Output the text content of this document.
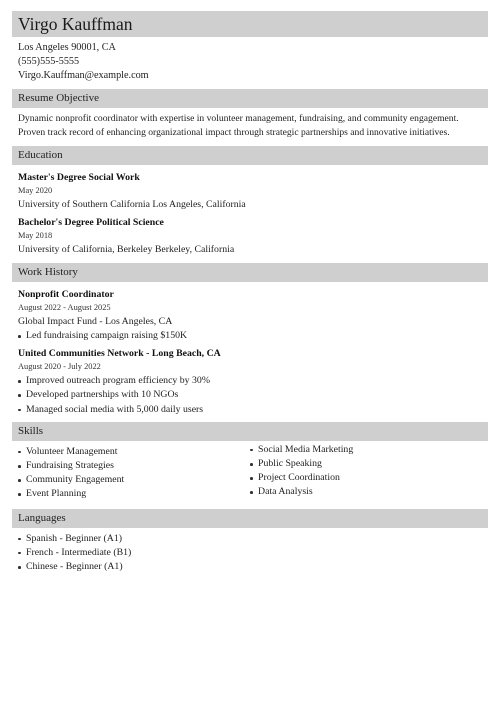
Virgo Kauffman
Los Angeles 90001, CA
(555)555-5555
Virgo.Kauffman@example.com
Resume Objective
Dynamic nonprofit coordinator with expertise in volunteer management, fundraising, and community engagement. Proven track record of enhancing organizational impact through strategic partnerships and innovative initiatives.
Education
Master's Degree Social Work
May 2020
University of Southern California Los Angeles, California
Bachelor's Degree Political Science
May 2018
University of California, Berkeley Berkeley, California
Work History
Nonprofit Coordinator
August 2022 - August 2025
Global Impact Fund - Los Angeles, CA
Led fundraising campaign raising $150K
United Communities Network - Long Beach, CA
August 2020 - July 2022
Improved outreach program efficiency by 30%
Developed partnerships with 10 NGOs
Managed social media with 5,000 daily users
Skills
Volunteer Management
Fundraising Strategies
Community Engagement
Event Planning
Social Media Marketing
Public Speaking
Project Coordination
Data Analysis
Languages
Spanish - Beginner (A1)
French - Intermediate (B1)
Chinese - Beginner (A1)
